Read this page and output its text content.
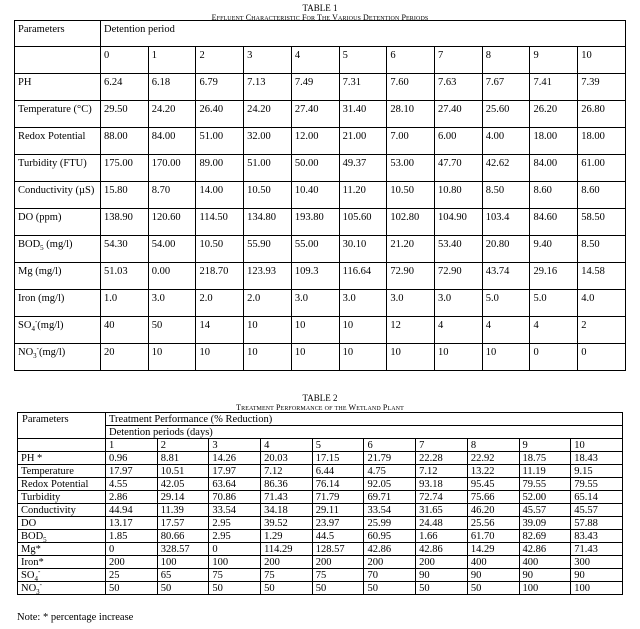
TABLE 1
Effluent Characteristic For The Various Detention Periods
Parameters	Detention period										
	0	1	2	3	4	5	6	7	8	9	10
PH	6.24	6.18	6.79	7.13	7.49	7.31	7.60	7.63	7.67	7.41	7.39
Temperature (°C)	29.50	24.20	26.40	24.20	27.40	31.40	28.10	27.40	25.60	26.20	26.80
Redox Potential	88.00	84.00	51.00	32.00	12.00	21.00	7.00	6.00	4.00	18.00	18.00
Turbidity (FTU)	175.00	170.00	89.00	51.00	50.00	49.37	53.00	47.70	42.62	84.00	61.00
Conductivity (µS)	15.80	8.70	14.00	10.50	10.40	11.20	10.50	10.80	8.50	8.60	8.60
DO (ppm)	138.90	120.60	114.50	134.80	193.80	105.60	102.80	104.90	103.4	84.60	58.50
$BOD_5$ (mg/l)	54.30	54.00	10.50	55.90	55.00	30.10	21.20	53.40	20.80	9.40	8.50
Mg (mg/l)	51.03	0.00	218.70	123.93	109.3	116.64	72.90	72.90	43.74	29.16	14.58
Iron (mg/l)	1.0	3.0	2.0	2.0	3.0	3.0	3.0	3.0	5.0	5.0	4.0
$SO_4^-(mg/l)$	40	50	14	10	10	10	12	4	4	4	2
$NO_3^-(mg/l)$	20	10	10	10	10	10	10	10	10	0	0
TABLE 2
Treatment Performance of the Wetland Plant
Parameters	Treatment Performance (% Reduction)									
	Detention periods (days)									
	1	2	3	4	5	6	7	8	9	10
PH *	0.96	8.81	14.26	20.03	17.15	21.79	22.28	22.92	18.75	18.43
Temperature	17.97	10.51	17.97	7.12	6.44	4.75	7.12	13.22	11.19	9.15
Redox Potential	4.55	42.05	63.64	86.36	76.14	92.05	93.18	95.45	79.55	79.55
Turbidity	2.86	29.14	70.86	71.43	71.79	69.71	72.74	75.66	52.00	65.14
Conductivity	44.94	11.39	33.54	34.18	29.11	33.54	31.65	46.20	45.57	45.57
DO	13.17	17.57	2.95	39.52	23.97	25.99	24.48	25.56	39.09	57.88
$BOD_5$	1.85	80.66	2.95	1.29	44.5	60.95	1.66	61.70	82.69	83.43
Mg*	0	328.57	0	114.29	128.57	42.86	42.86	14.29	42.86	71.43
Iron*	200	100	100	200	200	200	200	400	400	300
$SO_4^-$	25	65	75	75	75	70	90	90	90	90
$NO_3^-$	50	50	50	50	50	50	50	50	100	100
Note: * percentage increase
